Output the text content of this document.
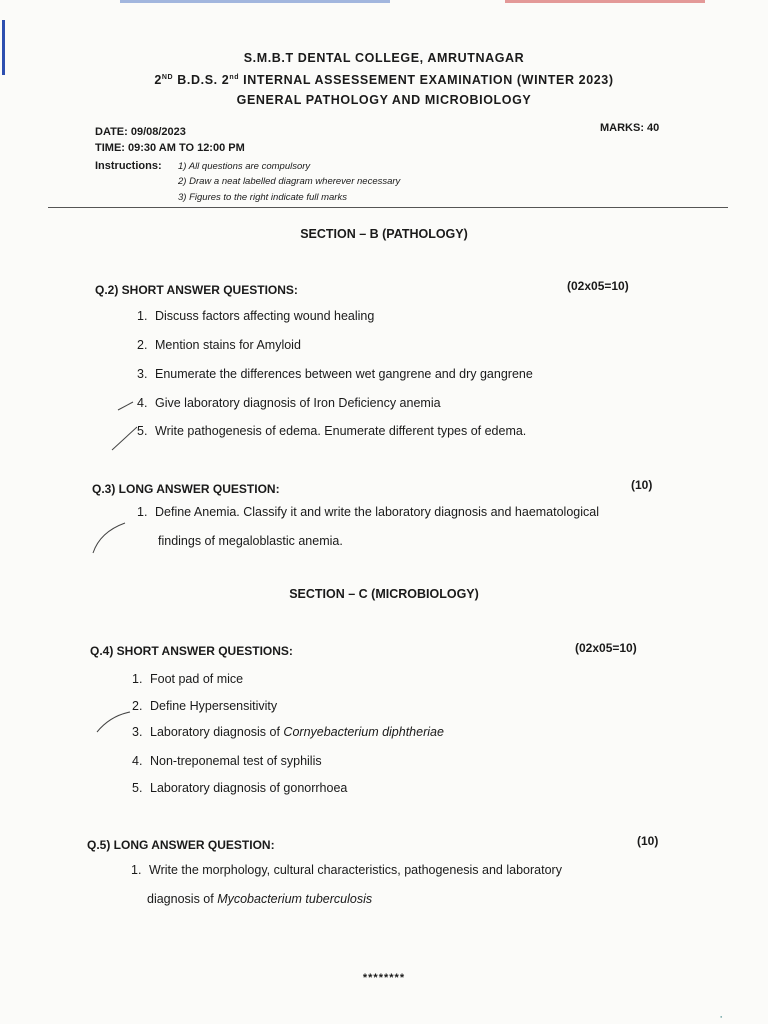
S.M.B.T DENTAL COLLEGE, AMRUTNAGAR
2ND B.D.S. 2nd INTERNAL ASSESSEMENT EXAMINATION (WINTER 2023)
GENERAL PATHOLOGY AND MICROBIOLOGY
DATE: 09/08/2023
TIME: 09:30 AM TO 12:00 PM
MARKS: 40
Instructions: 1) All questions are compulsory
2) Draw a neat labelled diagram wherever necessary
3) Figures to the right indicate full marks
SECTION – B (PATHOLOGY)
Q.2) SHORT ANSWER QUESTIONS:	(02x05=10)
1. Discuss factors affecting wound healing
2. Mention stains for Amyloid
3. Enumerate the differences between wet gangrene and dry gangrene
4. Give laboratory diagnosis of Iron Deficiency anemia
5. Write pathogenesis of edema. Enumerate different types of edema.
Q.3) LONG ANSWER QUESTION:	(10)
1. Define Anemia. Classify it and write the laboratory diagnosis and haematological
findings of megaloblastic anemia.
SECTION – C (MICROBIOLOGY)
Q.4) SHORT ANSWER QUESTIONS:	(02x05=10)
1. Foot pad of mice
2. Define Hypersensitivity
3. Laboratory diagnosis of Cornyebacterium diphtheriae
4. Non-treponemal test of syphilis
5. Laboratory diagnosis of gonorrhoea
Q.5) LONG ANSWER QUESTION:	(10)
1. Write the morphology, cultural characteristics, pathogenesis and laboratory
diagnosis of Mycobacterium tuberculosis
********
●
